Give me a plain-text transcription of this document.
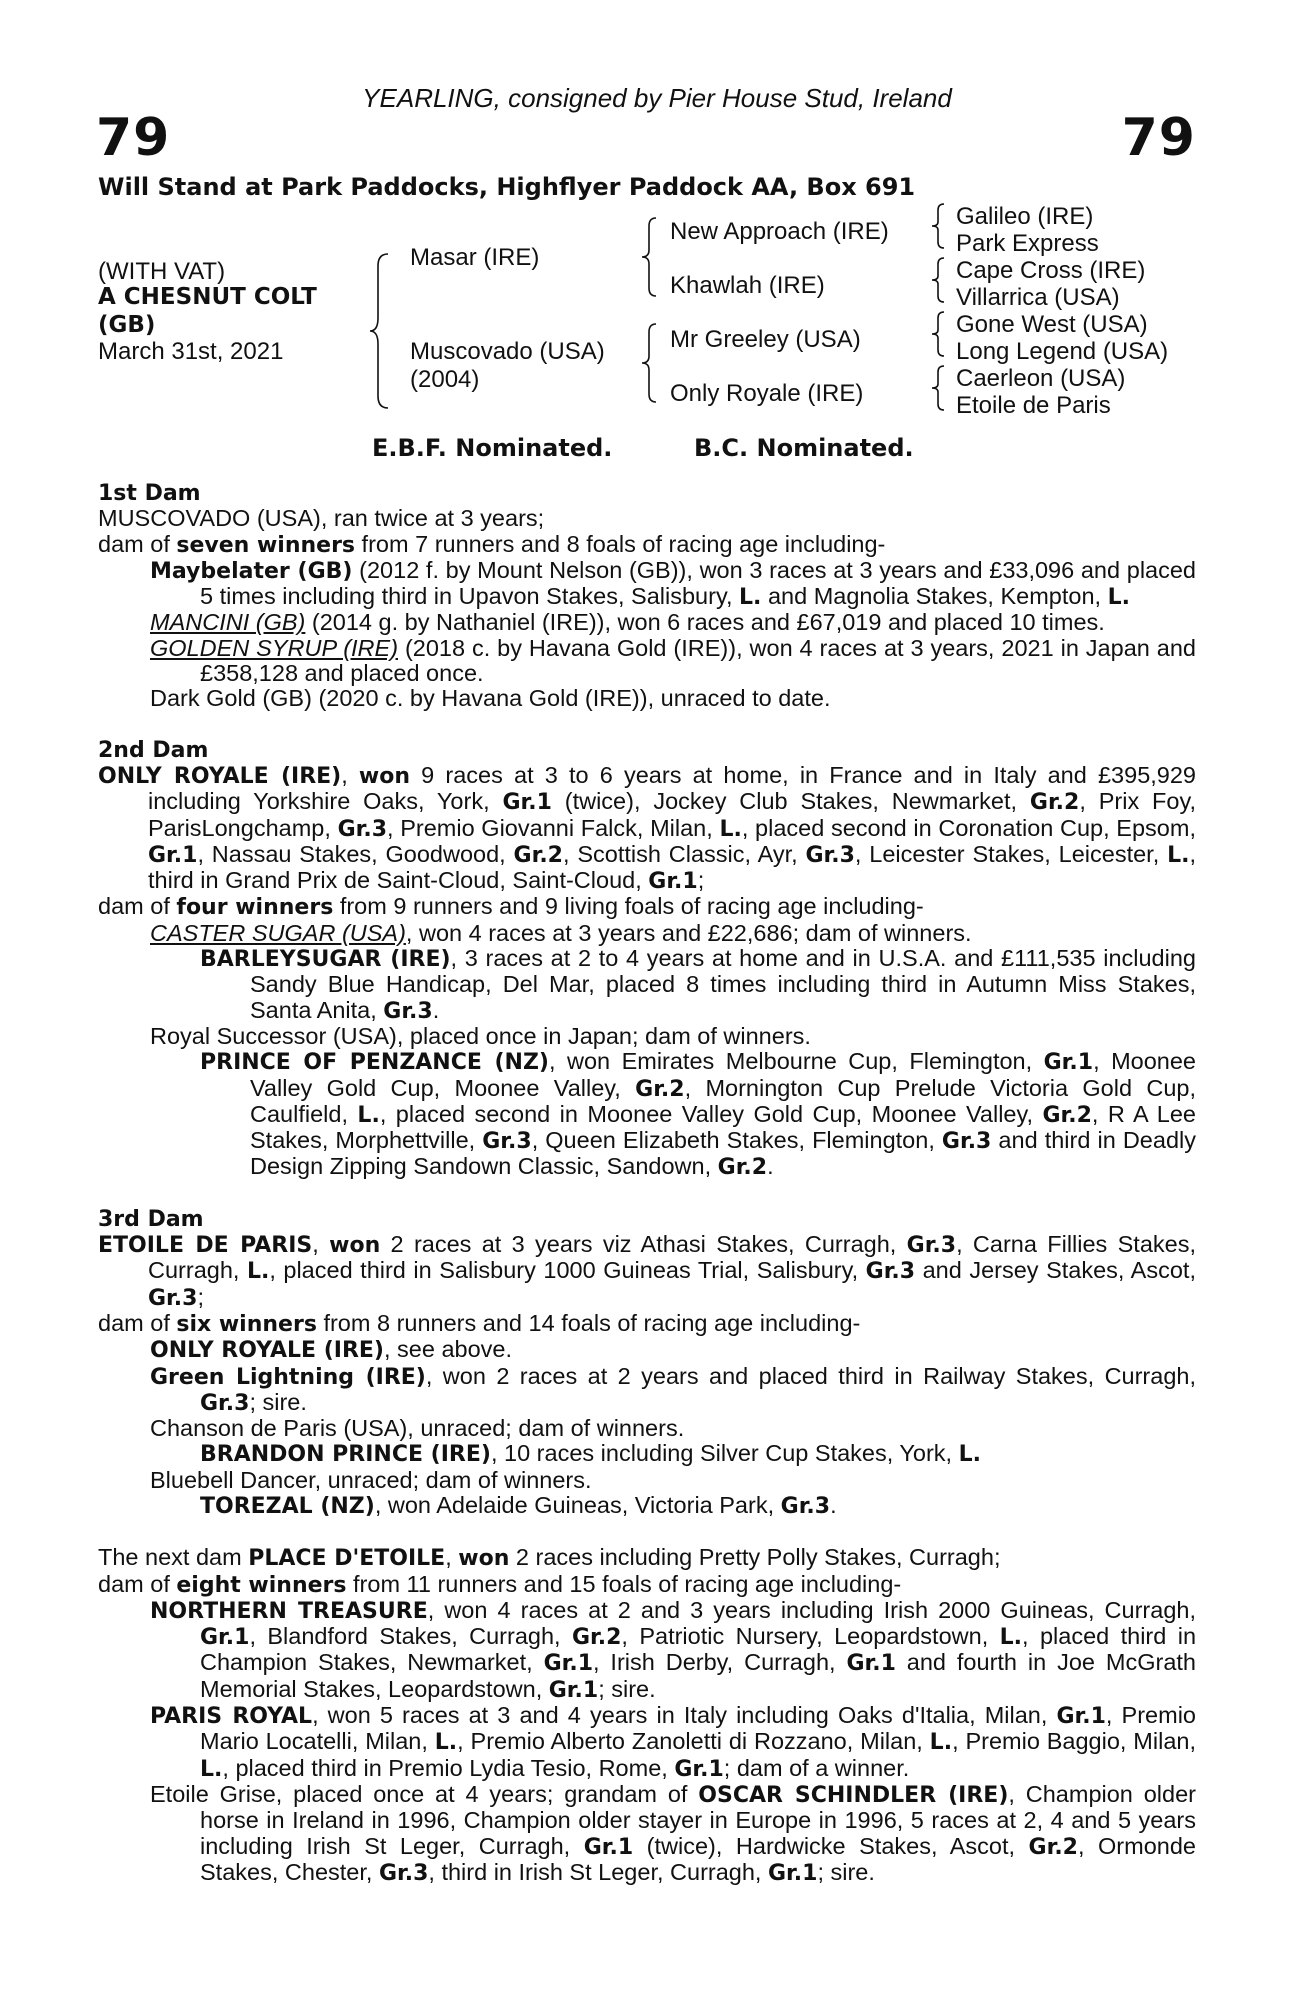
YEARLING, consigned by Pier House Stud, Ireland
79	79
Will Stand at Park Paddocks, Highflyer Paddock AA, Box 691
(WITH VAT)
A CHESNUT COLT
(GB)
March 31st, 2021
Masar (IRE)
Muscovado (USA)
(2004)
New Approach (IRE)
Khawlah (IRE)
Mr Greeley (USA)
Only Royale (IRE)
Galileo (IRE)
Park Express
Cape Cross (IRE)
Villarrica (USA)
Gone West (USA)
Long Legend (USA)
Caerleon (USA)
Etoile de Paris
E.B.F. Nominated.	B.C. Nominated.

1st Dam

MUSCOVADO (USA), ran twice at 3 years;

dam of seven winners from 7 runners and 8 foals of racing age including-

Maybelater (GB) (2012 f. by Mount Nelson (GB)), won 3 races at 3 years and £33,096 and placed 5 times including third in Upavon Stakes, Salisbury, L. and Magnolia Stakes, Kempton, L.

MANCINI (GB) (2014 g. by Nathaniel (IRE)), won 6 races and £67,019 and placed 10 times.

GOLDEN SYRUP (IRE) (2018 c. by Havana Gold (IRE)), won 4 races at 3 years, 2021 in Japan and £358,128 and placed once.

Dark Gold (GB) (2020 c. by Havana Gold (IRE)), unraced to date.

2nd Dam

ONLY ROYALE (IRE), won 9 races at 3 to 6 years at home, in France and in Italy and £395,929 including Yorkshire Oaks, York, Gr.1 (twice), Jockey Club Stakes, Newmarket, Gr.2, Prix Foy, ParisLongchamp, Gr.3, Premio Giovanni Falck, Milan, L., placed second in Coronation Cup, Epsom, Gr.1, Nassau Stakes, Goodwood, Gr.2, Scottish Classic, Ayr, Gr.3, Leicester Stakes, Leicester, L., third in Grand Prix de Saint-Cloud, Saint-Cloud, Gr.1;

dam of four winners from 9 runners and 9 living foals of racing age including-

CASTER SUGAR (USA), won 4 races at 3 years and £22,686; dam of winners.

BARLEYSUGAR (IRE), 3 races at 2 to 4 years at home and in U.S.A. and £111,535 including Sandy Blue Handicap, Del Mar, placed 8 times including third in Autumn Miss Stakes, Santa Anita, Gr.3.

Royal Successor (USA), placed once in Japan; dam of winners.

PRINCE OF PENZANCE (NZ), won Emirates Melbourne Cup, Flemington, Gr.1, Moonee Valley Gold Cup, Moonee Valley, Gr.2, Mornington Cup Prelude Victoria Gold Cup, Caulfield, L., placed second in Moonee Valley Gold Cup, Moonee Valley, Gr.2, R A Lee Stakes, Morphettville, Gr.3, Queen Elizabeth Stakes, Flemington, Gr.3 and third in Deadly Design Zipping Sandown Classic, Sandown, Gr.2.

3rd Dam

ETOILE DE PARIS, won 2 races at 3 years viz Athasi Stakes, Curragh, Gr.3, Carna Fillies Stakes, Curragh, L., placed third in Salisbury 1000 Guineas Trial, Salisbury, Gr.3 and Jersey Stakes, Ascot, Gr.3;

dam of six winners from 8 runners and 14 foals of racing age including-

ONLY ROYALE (IRE), see above.

Green Lightning (IRE), won 2 races at 2 years and placed third in Railway Stakes, Curragh, Gr.3; sire.

Chanson de Paris (USA), unraced; dam of winners.

BRANDON PRINCE (IRE), 10 races including Silver Cup Stakes, York, L.

Bluebell Dancer, unraced; dam of winners.

TOREZAL (NZ), won Adelaide Guineas, Victoria Park, Gr.3.

The next dam PLACE D'ETOILE, won 2 races including Pretty Polly Stakes, Curragh;

dam of eight winners from 11 runners and 15 foals of racing age including-

NORTHERN TREASURE, won 4 races at 2 and 3 years including Irish 2000 Guineas, Curragh, Gr.1, Blandford Stakes, Curragh, Gr.2, Patriotic Nursery, Leopardstown, L., placed third in Champion Stakes, Newmarket, Gr.1, Irish Derby, Curragh, Gr.1 and fourth in Joe McGrath Memorial Stakes, Leopardstown, Gr.1; sire.

PARIS ROYAL, won 5 races at 3 and 4 years in Italy including Oaks d'Italia, Milan, Gr.1, Premio Mario Locatelli, Milan, L., Premio Alberto Zanoletti di Rozzano, Milan, L., Premio Baggio, Milan, L., placed third in Premio Lydia Tesio, Rome, Gr.1; dam of a winner.

Etoile Grise, placed once at 4 years; grandam of OSCAR SCHINDLER (IRE), Champion older horse in Ireland in 1996, Champion older stayer in Europe in 1996, 5 races at 2, 4 and 5 years including Irish St Leger, Curragh, Gr.1 (twice), Hardwicke Stakes, Ascot, Gr.2, Ormonde Stakes, Chester, Gr.3, third in Irish St Leger, Curragh, Gr.1; sire.
